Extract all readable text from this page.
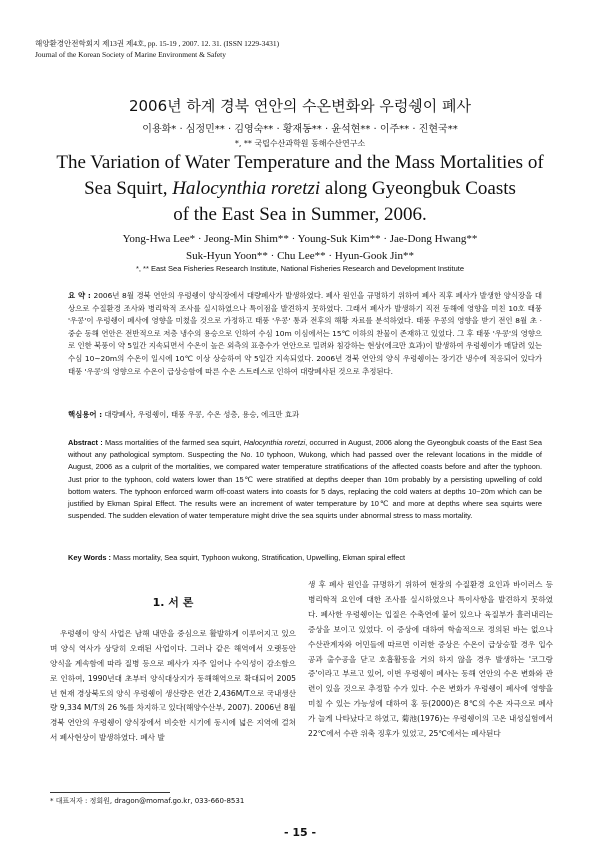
해양환경안전학회지 제13권 제4호, pp. 15-19 , 2007. 12. 31. (ISSN 1229-3431)
Journal of the Korean Society of Marine Environment & Safety
2006년 하계 경북 연안의 수온변화와 우렁쉥이 폐사
이용화* · 심정민** · 김영숙** · 황재동** · 윤석현** · 이주** · 진현국**
*, ** 국립수산과학원 동해수산연구소
The Variation of Water Temperature and the Mass Mortalities of
Sea Squirt, Halocynthia roretzi along Gyeongbuk Coasts
of the East Sea in Summer, 2006.
Yong-Hwa Lee* · Jeong-Min Shim** · Young-Suk Kim** · Jae-Dong Hwang**
Suk-Hyun Yoon** · Chu Lee** · Hyun-Gook Jin**
*, ** East Sea Fisheries Research Institute, National Fisheries Research and Development Institute
요 약 : 2006년 8월 경북 연안의 우렁쉥이 양식장에서 대량폐사가 발생하였다. 폐사 원인을 규명하기 위하여 폐사 직후 폐사가 발생한 양식장을 대상으로 수질환경 조사와 병리학적 조사를 실시하였으나 특이점을 발견하지 못하였다. 그래서 폐사가 발생하기 직전 동해에 영향을 미친 10호 태풍 '우콩'이 우렁쉥이 폐사에 영향을 미쳤을 것으로 가정하고 태풍 '우콩' 통과 전후의 해황 자료를 분석하였다. 태풍 우콩의 영향을 받기 전인 8월 초 · 중순 동해 연안은 전반적으로 저층 냉수의 용승으로 인하여 수심 10m 이심에서는 15℃ 이하의 찬물이 존재하고 있었다. 그 후 태풍 '우콩'의 영향으로 인한 북풍이 약 5일간 지속되면서 수온이 높은 외측의 표층수가 연안으로 밀려와 침강하는 현상(에크만 효과)이 발생하여 우렁쉥이가 매달려 있는 수심 10~20m의 수온이 일시에 10℃ 이상 상승하여 약 5일간 지속되었다. 2006년 경북 연안의 양식 우렁쉥이는 장기간 냉수에 적응되어 있다가 태풍 '우콩'의 영향으로 수온이 급상승함에 따른 수온 스트레스로 인하여 대량폐사된 것으로 추정된다.
핵심용어 : 대량폐사, 우렁쉥이, 태풍 우콩, 수온 성층, 용승, 에크만 효과
Abstract : Mass mortalities of the farmed sea squirt, Halocynthia roretzi, occurred in August, 2006 along the Gyeongbuk coasts of the East Sea without any pathological symptom. Suspecting the No. 10 typhoon, Wukong, which had passed over the relevant locations in the middle of August, 2006 as a culprit of the mortalities, we compared water temperature stratifications of the affected coasts before and after the typhoon. Just prior to the typhoon, cold waters lower than 15℃ were stratified at depths deeper than 10m probably by a persisting upwelling of cold bottom waters. The typhoon enforced warm off-coast waters into coasts for 5 days, replacing the cold waters at depths 10~20m which can be justified by Ekman Spiral Effect. The results were an increment of water temperature by 10℃ and more at depths where sea squirts were suspended. The sudden elevation of water temperature might drive the sea squirts under abnormal stress to mass mortality.
Key Words : Mass mortality, Sea squirt, Typhoon wukong, Stratification, Upwelling, Ekman spiral effect
1. 서 론

우렁쉥이 양식 사업은 남해 내만을 중심으로 활발하게 이루어지고 있으며 양식 역사가 상당히 오래된 사업이다. 그러나 같은 해역에서 오랫동안 양식을 계속함에 따라 질병 등으로 폐사가 자주 일어나 수익성이 감소함으로 인하여, 1990년대 초부터 양식대상지가 동해해역으로 확대되어 2005년 현재 경상북도의 양식 우렁쉥이 생산량은 연간 2,436M/T으로 국내생산량 9,334 M/T의 26 %를 차지하고 있다(해양수산부, 2007). 2006년 8월 경북 연안의 우렁쉥이 양식장에서 비슷한 시기에 동시에 넓은 지역에 걸쳐서 폐사현상이 발생하였다. 폐사 발

생 후 폐사 원인을 규명하기 위하여 현장의 수질환경 요인과 바이러스 등 병리학적 요인에 대한 조사를 실시하였으나 특이사항을 발견하지 못하였다. 폐사한 우렁쉥이는 입질은 수축연에 붙어 있으나 육질부가 흘러내리는 증상을 보이고 있었다. 이 증상에 대하여 학술적으로 정의된 바는 없으나 수산관계자와 어민들에 따르면 이러한 증상은 수온이 급상승할 경우 입수공과 출수공을 닫고 호흡활동을 거의 하지 않을 경우 발생하는 '코그랑증'이라고 부르고 있어, 이번 우렁쉥이 폐사는 동해 연안의 수온 변화와 관련이 있을 것으로 추정할 수가 있다. 수온 변화가 우렁쉥이 폐사에 영향을 미칠 수 있는 가능성에 대하여 홍 등(2000)은 8℃의 수온 자극으로 폐사가 늘게 나타났다고 하였고, 菊池(1976)는 우렁쉥이의 고온 내성실험에서 22℃에서 수관 위축 징후가 있었고, 25℃에서는 폐사된다

* 대표저자 : 정회원, dragon@momaf.go.kr, 033-660-8531
- 15 -
